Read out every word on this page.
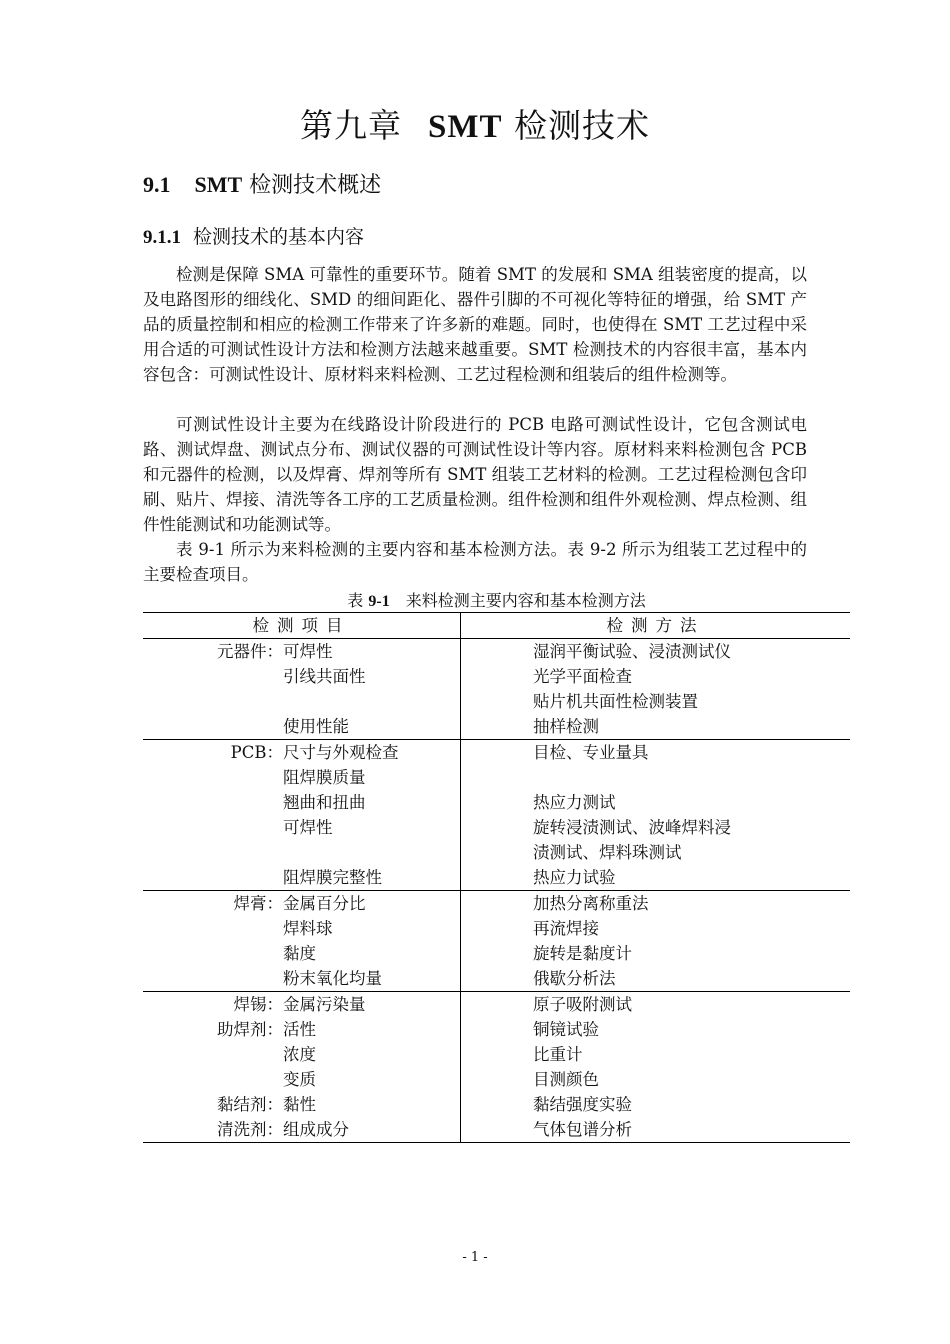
第九章 SMT 检测技术
9.1 SMT 检测技术概述
9.1.1 检测技术的基本内容

检测是保障 SMA 可靠性的重要环节。随着 SMT 的发展和 SMA 组装密度的提高，以及电路图形的细线化、SMD 的细间距化、器件引脚的不可视化等特征的增强，给 SMT 产品的质量控制和相应的检测工作带来了许多新的难题。同时，也使得在 SMT 工艺过程中采用合适的可测试性设计方法和检测方法越来越重要。SMT 检测技术的内容很丰富，基本内容包含：可测试性设计、原材料来料检测、工艺过程检测和组装后的组件检测等。

可测试性设计主要为在线路设计阶段进行的 PCB 电路可测试性设计，它包含测试电路、测试焊盘、测试点分布、测试仪器的可测试性设计等内容。原材料来料检测包含 PCB 和元器件的检测，以及焊膏、焊剂等所有 SMT 组装工艺材料的检测。工艺过程检测包含印刷、贴片、焊接、清洗等各工序的工艺质量检测。组件检测和组件外观检测、焊点检测、组件性能测试和功能测试等。

表 9-1 所示为来料检测的主要内容和基本检测方法。表 9-2 所示为组装工艺过程中的主要检查项目。

表 9-1　来料检测主要内容和基本检测方法
检测项目		检测方法
元器件：	可焊性	湿润平衡试验、浸渍测试仪
	引线共面性	光学平面检查
		贴片机共面性检测装置
	使用性能	抽样检测
PCB：	尺寸与外观检查	目检、专业量具
	阻焊膜质量	
	翘曲和扭曲	热应力测试
	可焊性	旋转浸渍测试、波峰焊料浸
		渍测试、焊料珠测试
	阻焊膜完整性	热应力试验
焊膏：	金属百分比	加热分离称重法
	焊料球	再流焊接
	黏度	旋转是黏度计
	粉末氧化均量	俄歇分析法
焊锡：	金属污染量	原子吸附测试
助焊剂：	活性	铜镜试验
	浓度	比重计
	变质	目测颜色
黏结剂：	黏性	黏结强度实验
清洗剂：	组成成分	气体包谱分析
- 1 -
